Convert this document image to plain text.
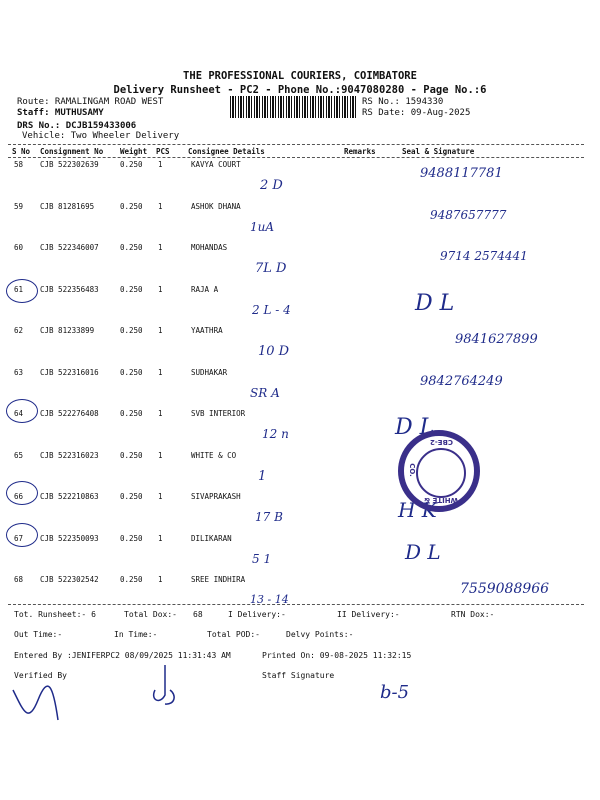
THE PROFESSIONAL COURIERS, COIMBATORE
Delivery Runsheet - PC2 - Phone No.:9047080280 - Page No.:6
Route: RAMALINGAM ROAD WEST
Staff: MUTHUSAMY
DRS No.: DCJB159433006
Vehicle: Two Wheeler Delivery
RS No.: 1594330
RS Date: 09-Aug-2025
S No Consignment No Weight PCS Consignee Details	Remarks	Seal & Signature
58 CJB 522302639	0.250 1	KAVYA COURT
2 D
9488117781
59 CJB 81281695	0.250 1	ASHOK DHANA
1uA
9487657777
60 CJB 522346007	0.250 1	MOHANDAS
7L D
9714 2574441
61 CJB 522356483	0.250 1	RAJA A
2 L - 4	D L
62 CJB 81233899	0.250 1	YAATHRA
10 D
9841627899
63 CJB 522316016	0.250 1	SUDHAKAR
SR A
9842764249
64 CJB 522276408	0.250 1	SVB INTERIOR
12 n	D L
65 CJB 522316023	0.250 1	WHITE & CO
1
66 CJB 522210863	0.250 1	SIVAPRAKASH
17 B	H K
67 CJB 522350093	0.250 1	DILIKARAN
5 1	D L
68 CJB 522302542	0.250 1	SREE INDHIRA
13 - 14
7559088966
CBE-2
CO.
WHITE &
Tot. Runsheet:- 6	Total Dox:- 68	I Delivery:-	II Delivery:-	RTN Dox:-
Out Time:-	In Time:-	Total POD:-	Delvy Points:-
Entered By :JENIFERPC2 08/09/2025 11:31:43 AM	Printed On: 09-08-2025 11:32:15
Verified By	Staff Signature
b-5
